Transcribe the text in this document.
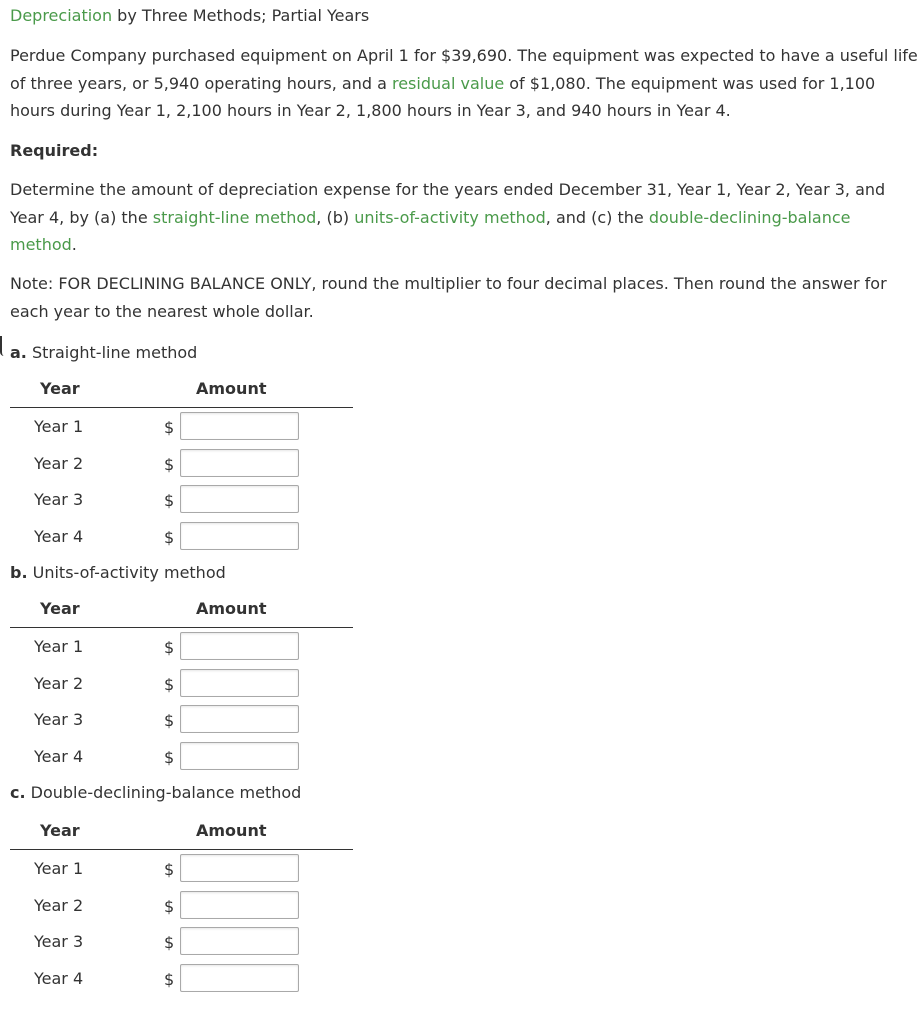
Depreciation by Three Methods; Partial Years

Perdue Company purchased equipment on April 1 for $39,690. The equipment was expected to have a useful life of three years, or 5,940 operating hours, and a residual value of $1,080. The equipment was used for 1,100 hours during Year 1, 2,100 hours in Year 2, 1,800 hours in Year 3, and 940 hours in Year 4.

Required:

Determine the amount of depreciation expense for the years ended December 31, Year 1, Year 2, Year 3, and Year 4, by (a) the straight-line method, (b) units-of-activity method, and (c) the double-declining-balance method.

Note: FOR DECLINING BALANCE ONLY, round the multiplier to four decimal places. Then round the answer for each year to the nearest whole dollar.

a. Straight-line method
Year	Amount
Year 1	$
Year 2	$
Year 3	$
Year 4	$
b. Units-of-activity method
Year	Amount
Year 1	$
Year 2	$
Year 3	$
Year 4	$
c. Double-declining-balance method
Year	Amount
Year 1	$
Year 2	$
Year 3	$
Year 4	$
